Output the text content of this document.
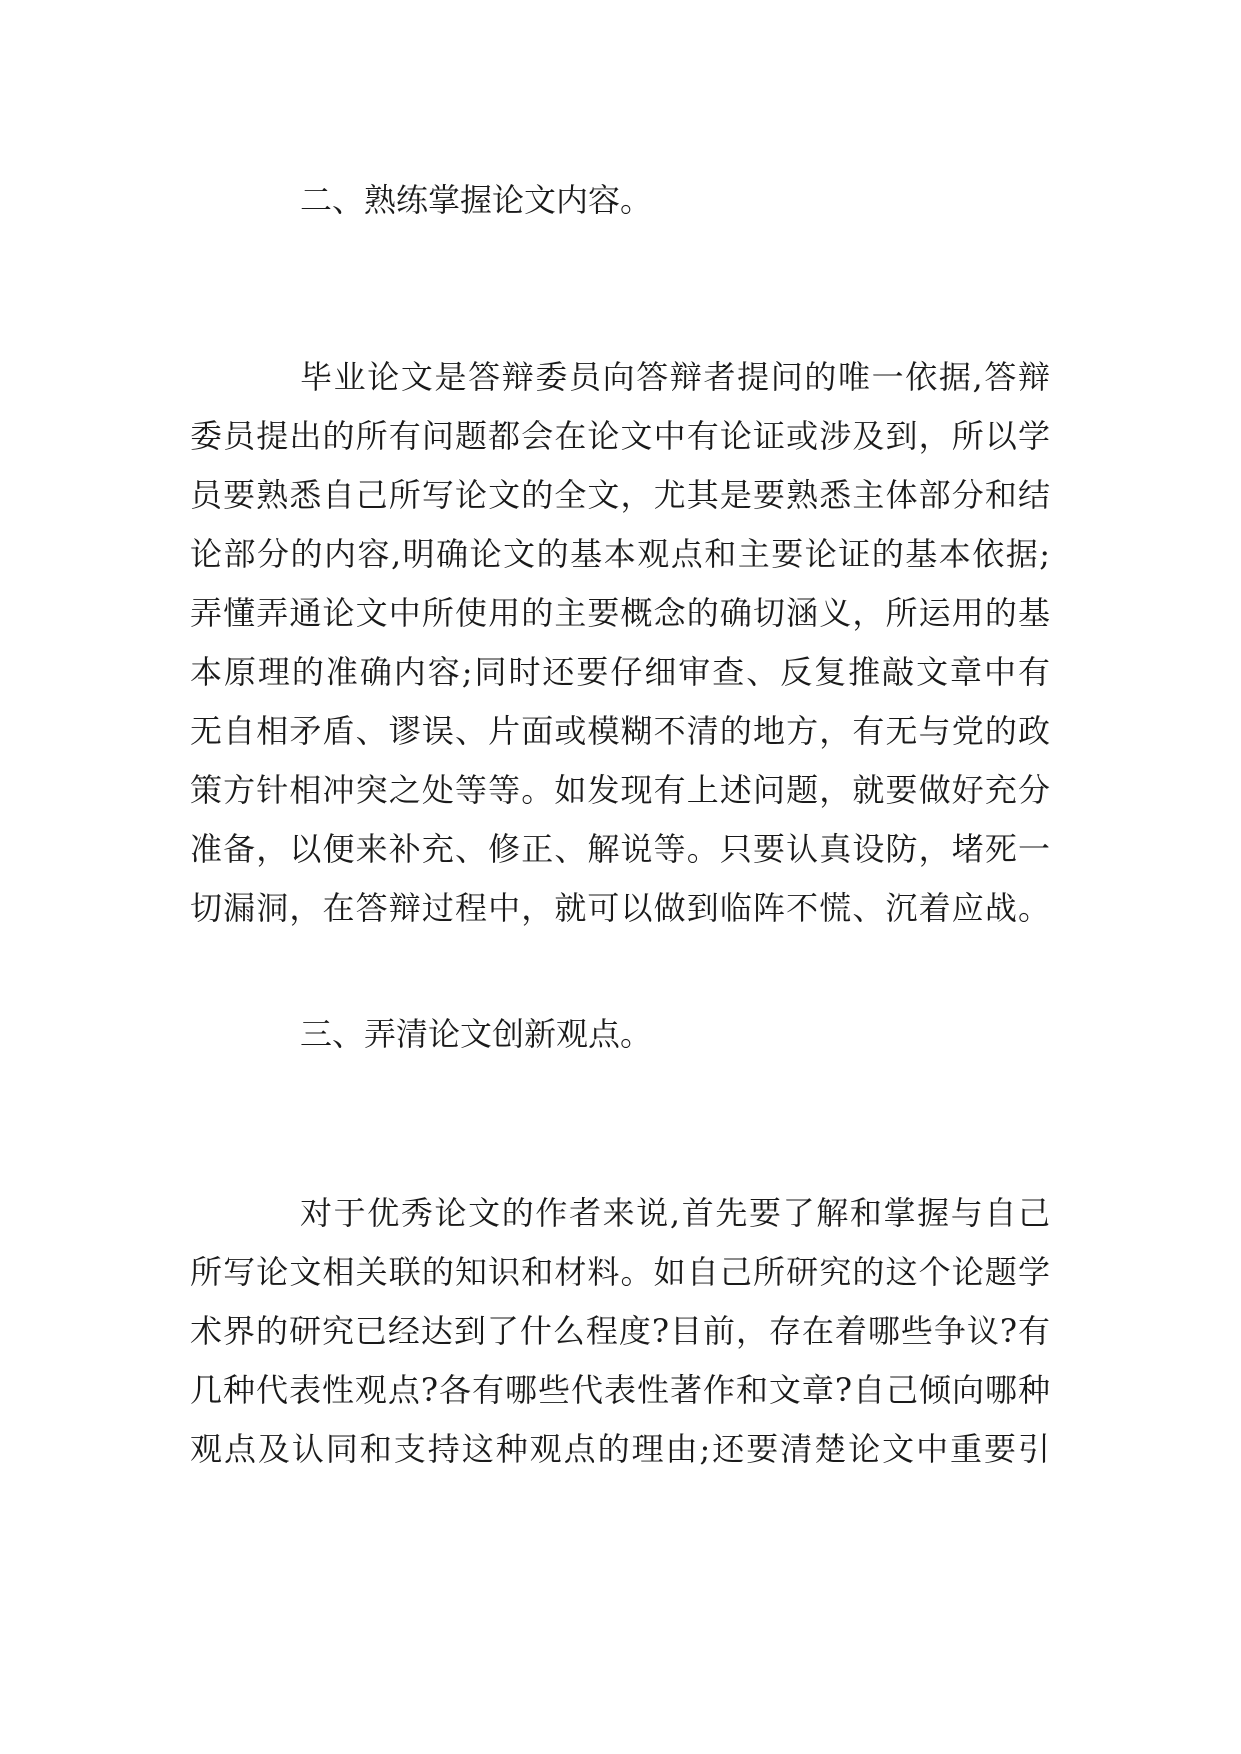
二、熟练掌握论文内容。
毕业论文是答辩委员向答辩者提问的唯一依据,答辩
委员提出的所有问题都会在论文中有论证或涉及到，所以学
员要熟悉自己所写论文的全文，尤其是要熟悉主体部分和结
论部分的内容,明确论文的基本观点和主要论证的基本依据;
弄懂弄通论文中所使用的主要概念的确切涵义，所运用的基
本原理的准确内容;同时还要仔细审查、反复推敲文章中有
无自相矛盾、谬误、片面或模糊不清的地方，有无与党的政
策方针相冲突之处等等。如发现有上述问题，就要做好充分
准备，以便来补充、修正、解说等。只要认真设防，堵死一
切漏洞，在答辩过程中，就可以做到临阵不慌、沉着应战。
三、弄清论文创新观点。
对于优秀论文的作者来说,首先要了解和掌握与自己
所写论文相关联的知识和材料。如自己所研究的这个论题学
术界的研究已经达到了什么程度?目前，存在着哪些争议?有
几种代表性观点?各有哪些代表性著作和文章?自己倾向哪种
观点及认同和支持这种观点的理由;还要清楚论文中重要引
